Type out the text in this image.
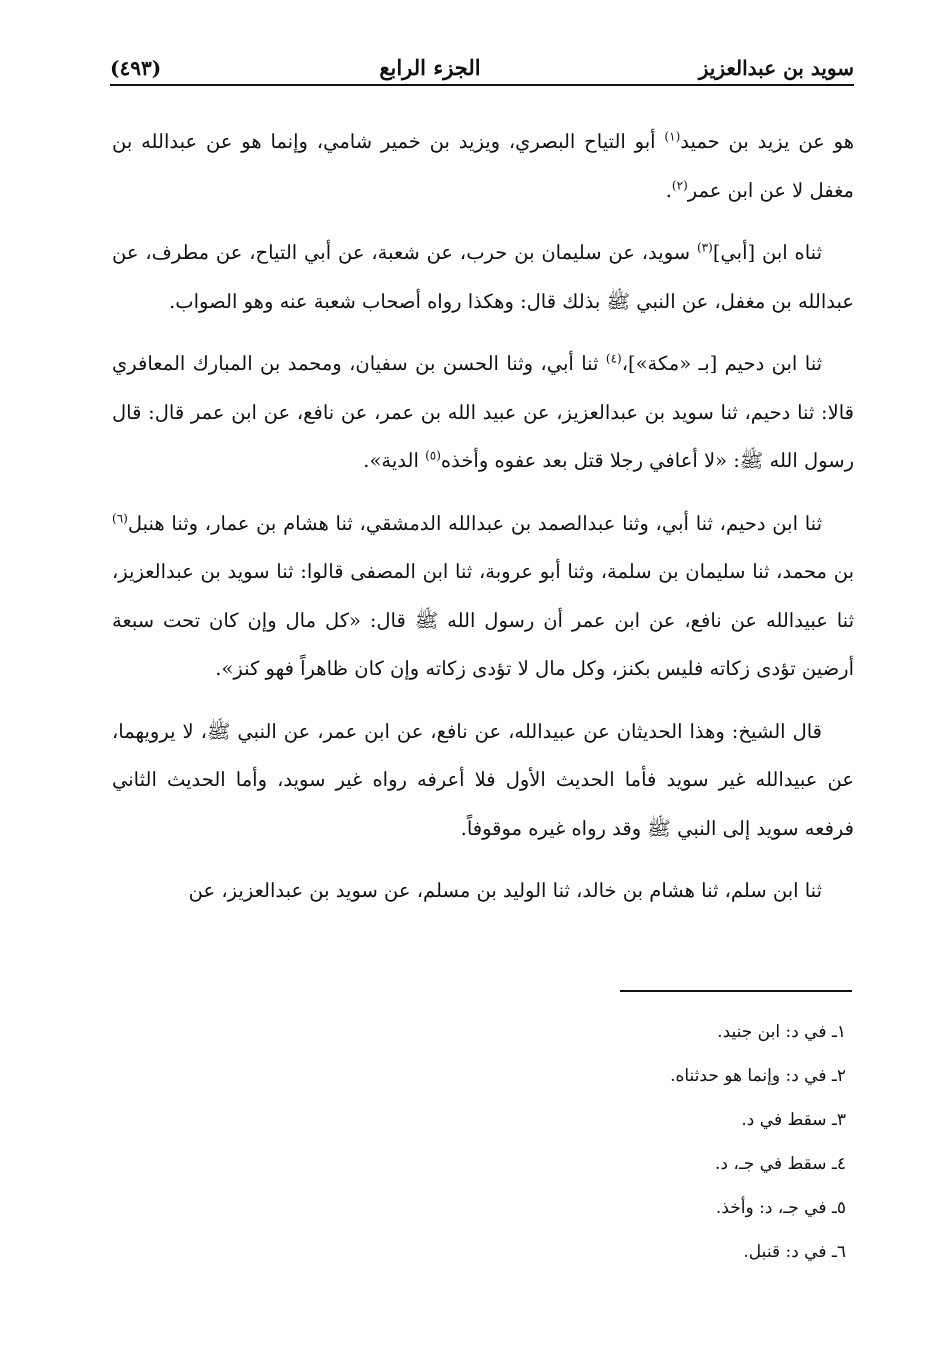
سويد بن عبدالعزيز
الجزء الرابع
(٤٩٣)

هو عن يزيد بن حميد$^{(١)}$ أبو التياح البصري، ويزيد بن خمير شامي، وإنما هو عن عبدالله بن مغفل لا عن ابن عمر$^{(٢)}$.

ثناه ابن [أبي]$^{(٣)}$ سويد، عن سليمان بن حرب، عن شعبة، عن أبي التياح، عن مطرف، عن عبدالله بن مغفل، عن النبي ﷺ بذلك قال: وهكذا رواه أصحاب شعبة عنه وهو الصواب.

ثنا ابن دحيم [بـ «مكة»]،$^{(٤)}$ ثنا أبي، وثنا الحسن بن سفيان، ومحمد بن المبارك المعافري قالا: ثنا دحيم، ثنا سويد بن عبدالعزيز، عن عبيد الله بن عمر، عن نافع، عن ابن عمر قال: قال رسول الله ﷺ: «لا أعافي رجلا قتل بعد عفوه وأخذه$^{(٥)}$ الدية».

ثنا ابن دحيم، ثنا أبي، وثنا عبدالصمد بن عبدالله الدمشقي، ثنا هشام بن عمار، وثنا هنبل$^{(٦)}$ بن محمد، ثنا سليمان بن سلمة، وثنا أبو عروبة، ثنا ابن المصفى قالوا: ثنا سويد بن عبدالعزيز، ثنا عبيدالله عن نافع، عن ابن عمر أن رسول الله ﷺ قال: «كل مال وإن كان تحت سبعة أرضين تؤدى زكاته فليس بكنز، وكل مال لا تؤدى زكاته وإن كان ظاهراً فهو كنز».

قال الشيخ: وهذا الحديثان عن عبيدالله، عن نافع، عن ابن عمر، عن النبي ﷺ، لا يرويهما، عن عبيدالله غير سويد فأما الحديث الأول فلا أعرفه رواه غير سويد، وأما الحديث الثاني فرفعه سويد إلى النبي ﷺ وقد رواه غيره موقوفاً.

ثنا ابن سلم، ثنا هشام بن خالد، ثنا الوليد بن مسلم، عن سويد بن عبدالعزيز، عن

١ـ في د: ابن جنيد.
٢ـ في د: وإنما هو حدثناه.
٣ـ سقط في د.
٤ـ سقط في جـ، د.
٥ـ في جـ، د: وأخذ.
٦ـ في د: قنبل.
